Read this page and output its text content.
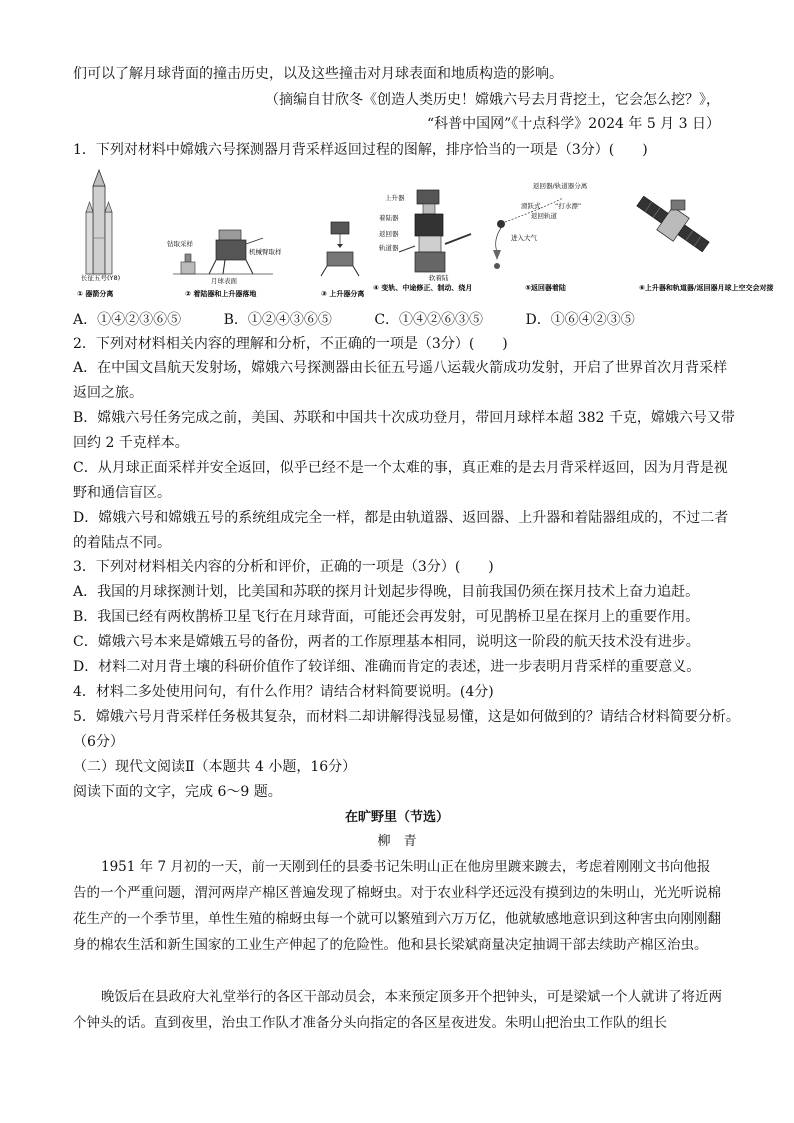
们可以了解月球背面的撞击历史，以及这些撞击对月球表面和地质构造的影响。
（摘编自甘欣冬《创造人类历史！嫦娥六号去月背挖土，它会怎么挖？》，
“科普中国网”《十点科学》2024 年 5 月 3 日）
1．下列对材料中嫦娥六号探测器月背采样返回过程的图解，排序恰当的一项是（3分）(　　)
长征五号(Y8)
钻取采样
机械臂取样
月球表面
上升器
着陆器
返回器
轨道器
软着陆
返回器/轨道器分离
滑跃式 “打水漂”
返回轨道
进入大气
① 器箭分离	② 着陆器和上升器落地	③ 上升器分离
④ 变轨、中途修正、制动、绕月	⑤返回器着陆	⑥上升器和轨道器/返回器月球上空交会对接
A．①④②③⑥⑤	B．①②④③⑥⑤	C．①④②⑥③⑤	D．①⑥④②③⑤
2．下列对材料相关内容的理解和分析，不正确的一项是（3分）(　　)
A．在中国文昌航天发射场，嫦娥六号探测器由长征五号遥八运载火箭成功发射，开启了世界首次月背采样
返回之旅。
B．嫦娥六号任务完成之前，美国、苏联和中国共十次成功登月，带回月球样本超 382 千克，嫦娥六号又带
回约 2 千克样本。
C．从月球正面采样并安全返回，似乎已经不是一个太难的事，真正难的是去月背采样返回，因为月背是视
野和通信盲区。
D．嫦娥六号和嫦娥五号的系统组成完全一样，都是由轨道器、返回器、上升器和着陆器组成的，不过二者
的着陆点不同。
3．下列对材料相关内容的分析和评价，正确的一项是（3分）(　　)
A．我国的月球探测计划，比美国和苏联的探月计划起步得晚，目前我国仍须在探月技术上奋力追赶。
B．我国已经有两枚鹊桥卫星飞行在月球背面，可能还会再发射，可见鹊桥卫星在探月上的重要作用。
C．嫦娥六号本来是嫦娥五号的备份，两者的工作原理基本相同，说明这一阶段的航天技术没有进步。
D．材料二对月背土壤的科研价值作了较详细、准确而肯定的表述，进一步表明月背采样的重要意义。
4．材料二多处使用问句，有什么作用？请结合材料简要说明。(4分)
5．嫦娥六号月背采样任务极其复杂，而材料二却讲解得浅显易懂，这是如何做到的？请结合材料简要分析。
（6分）
（二）现代文阅读Ⅱ（本题共 4 小题，16分）
阅读下面的文字，完成 6～9 题。
在旷野里（节选）
柳　青
1951 年 7 月初的一天，前一天刚到任的县委书记朱明山正在他房里踱来踱去，考虑着刚刚文书向他报告的一个严重问题，渭河两岸产棉区普遍发现了棉蚜虫。对于农业科学还远没有摸到边的朱明山，光光听说棉花生产的一个季节里，单性生殖的棉蚜虫每一个就可以繁殖到六万万亿，他就敏感地意识到这种害虫向刚刚翻身的棉农生活和新生国家的工业生产伸起了的危险性。他和县长梁斌商量决定抽调干部去续助产棉区治虫。
晚饭后在县政府大礼堂举行的各区干部动员会，本来预定顶多开个把钟头，可是梁斌一个人就讲了将近两个钟头的话。直到夜里，治虫工作队才准备分头向指定的各区星夜进发。朱明山把治虫工作队的组长
